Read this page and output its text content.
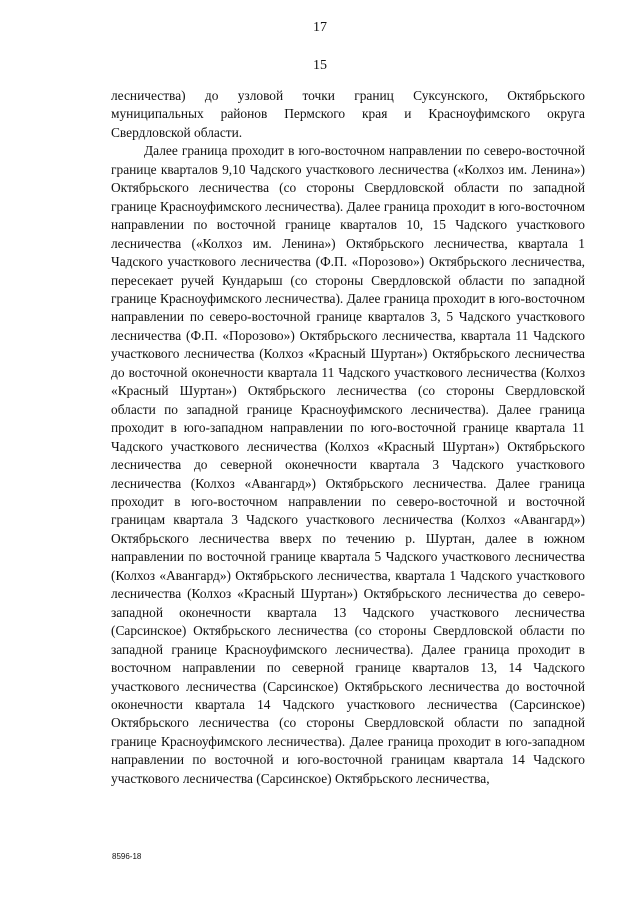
17
15

лесничества) до узловой точки границ Суксунского, Октябрьского муниципальных районов Пермского края и Красноуфимского округа Свердловской области.

Далее граница проходит в юго-восточном направлении по северо-восточной границе кварталов 9,10 Чадского участкового лесничества («Колхоз им. Ленина») Октябрьского лесничества (со стороны Свердловской области по западной границе Красноуфимского лесничества). Далее граница проходит в юго-восточном направлении по восточной границе кварталов 10, 15 Чадского участкового лесничества («Колхоз им. Ленина») Октябрьского лесничества, квартала 1 Чадского участкового лесничества (Ф.П. «Порозово») Октябрьского лесничества, пересекает ручей Кундарыш (со стороны Свердловской области по западной границе Красноуфимского лесничества). Далее граница проходит в юго-восточном направлении по северо-восточной границе кварталов 3, 5 Чадского участкового лесничества (Ф.П. «Порозово») Октябрьского лесничества, квартала 11 Чадского участкового лесничества (Колхоз «Красный Шуртан») Октябрьского лесничества до восточной оконечности квартала 11 Чадского участкового лесничества (Колхоз «Красный Шуртан») Октябрьского лесничества (со стороны Свердловской области по западной границе Красноуфимского лесничества). Далее граница проходит в юго-западном направлении по юго-восточной границе квартала 11 Чадского участкового лесничества (Колхоз «Красный Шуртан») Октябрьского лесничества до северной оконечности квартала 3 Чадского участкового лесничества (Колхоз «Авангард») Октябрьского лесничества. Далее граница проходит в юго-восточном направлении по северо-восточной и восточной границам квартала 3 Чадского участкового лесничества (Колхоз «Авангард») Октябрьского лесничества вверх по течению р. Шуртан, далее в южном направлении по восточной границе квартала 5 Чадского участкового лесничества (Колхоз «Авангард») Октябрьского лесничества, квартала 1 Чадского участкового лесничества (Колхоз «Красный Шуртан») Октябрьского лесничества до северо-западной оконечности квартала 13 Чадского участкового лесничества (Сарсинское) Октябрьского лесничества (со стороны Свердловской области по западной границе Красноуфимского лесничества). Далее граница проходит в восточном направлении по северной границе кварталов 13, 14 Чадского участкового лесничества (Сарсинское) Октябрьского лесничества до восточной оконечности квартала 14 Чадского участкового лесничества (Сарсинское) Октябрьского лесничества (со стороны Свердловской области по западной границе Красноуфимского лесничества). Далее граница проходит в юго-западном направлении по восточной и юго-восточной границам квартала 14 Чадского участкового лесничества (Сарсинское) Октябрьского лесничества,

8596-18
